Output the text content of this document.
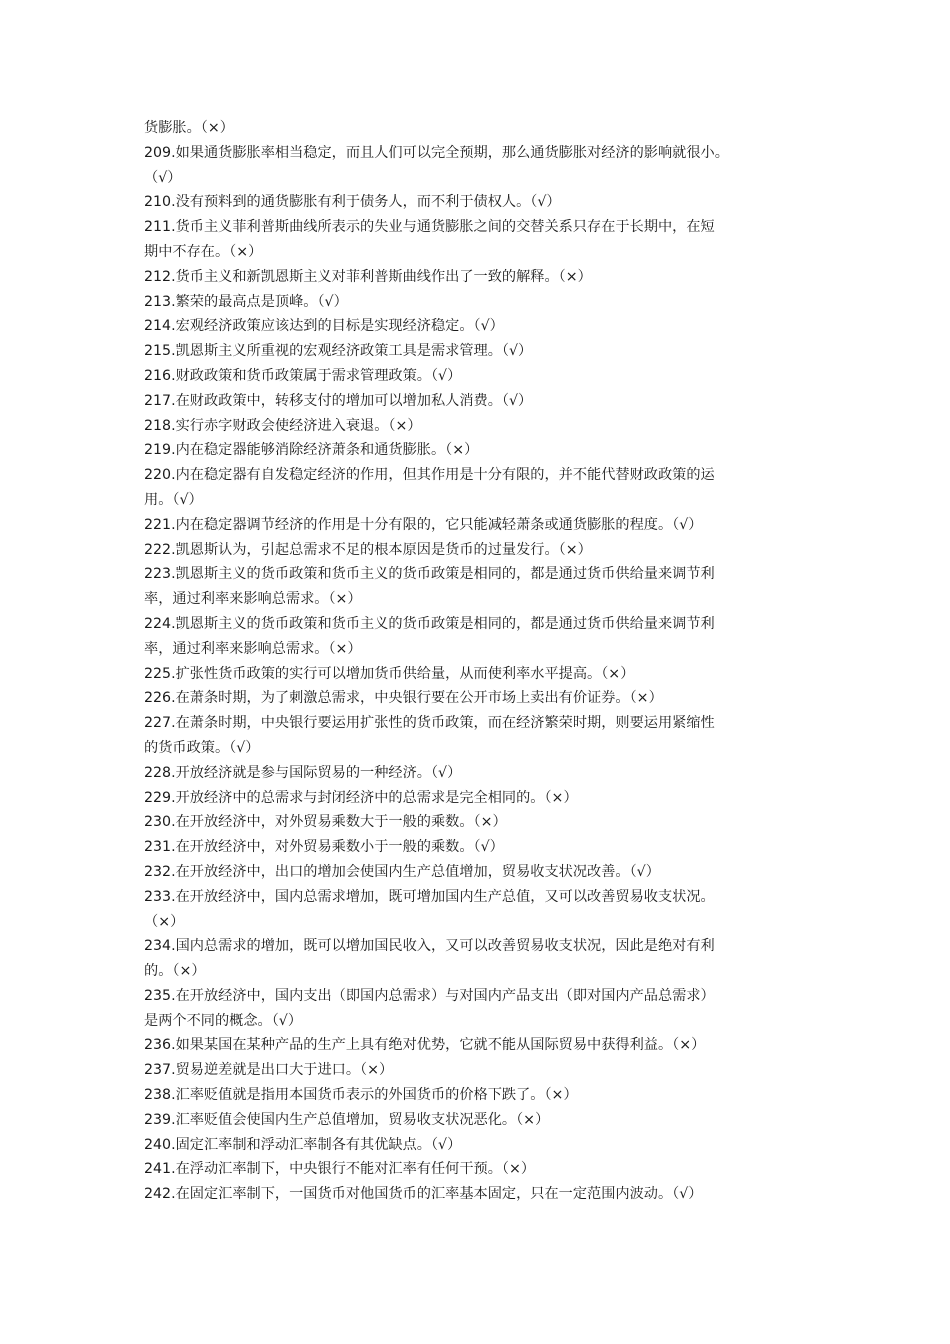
货膨胀。（×）
209.如果通货膨胀率相当稳定，而且人们可以完全预期，那么通货膨胀对经济的影响就很小。
（√）
210.没有预料到的通货膨胀有利于债务人，而不利于债权人。（√）
211.货币主义菲利普斯曲线所表示的失业与通货膨胀之间的交替关系只存在于长期中，在短
期中不存在。（×）
212.货币主义和新凯恩斯主义对菲利普斯曲线作出了一致的解释。（×）
213.繁荣的最高点是顶峰。（√）
214.宏观经济政策应该达到的目标是实现经济稳定。（√）
215.凯恩斯主义所重视的宏观经济政策工具是需求管理。（√）
216.财政政策和货币政策属于需求管理政策。（√）
217.在财政政策中，转移支付的增加可以增加私人消费。（√）
218.实行赤字财政会使经济进入衰退。（×）
219.内在稳定器能够消除经济萧条和通货膨胀。（×）
220.内在稳定器有自发稳定经济的作用，但其作用是十分有限的，并不能代替财政政策的运
用。（√）
221.内在稳定器调节经济的作用是十分有限的，它只能减轻萧条或通货膨胀的程度。（√）
222.凯恩斯认为，引起总需求不足的根本原因是货币的过量发行。（×）
223.凯恩斯主义的货币政策和货币主义的货币政策是相同的，都是通过货币供给量来调节利
率，通过利率来影响总需求。（×）
224.凯恩斯主义的货币政策和货币主义的货币政策是相同的，都是通过货币供给量来调节利
率，通过利率来影响总需求。（×）
225.扩张性货币政策的实行可以增加货币供给量，从而使利率水平提高。（×）
226.在萧条时期，为了刺激总需求，中央银行要在公开市场上卖出有价证券。（×）
227.在萧条时期，中央银行要运用扩张性的货币政策，而在经济繁荣时期，则要运用紧缩性
的货币政策。（√）
228.开放经济就是参与国际贸易的一种经济。（√）
229.开放经济中的总需求与封闭经济中的总需求是完全相同的。（×）
230.在开放经济中，对外贸易乘数大于一般的乘数。（×）
231.在开放经济中，对外贸易乘数小于一般的乘数。（√）
232.在开放经济中，出口的增加会使国内生产总值增加，贸易收支状况改善。（√）
233.在开放经济中，国内总需求增加，既可增加国内生产总值，又可以改善贸易收支状况。
（×）
234.国内总需求的增加，既可以增加国民收入，又可以改善贸易收支状况，因此是绝对有利
的。（×）
235.在开放经济中，国内支出（即国内总需求）与对国内产品支出（即对国内产品总需求）
是两个不同的概念。（√）
236.如果某国在某种产品的生产上具有绝对优势，它就不能从国际贸易中获得利益。（×）
237.贸易逆差就是出口大于进口。（×）
238.汇率贬值就是指用本国货币表示的外国货币的价格下跌了。（×）
239.汇率贬值会使国内生产总值增加，贸易收支状况恶化。（×）
240.固定汇率制和浮动汇率制各有其优缺点。（√）
241.在浮动汇率制下，中央银行不能对汇率有任何干预。（×）
242.在固定汇率制下，一国货币对他国货币的汇率基本固定，只在一定范围内波动。（√）
